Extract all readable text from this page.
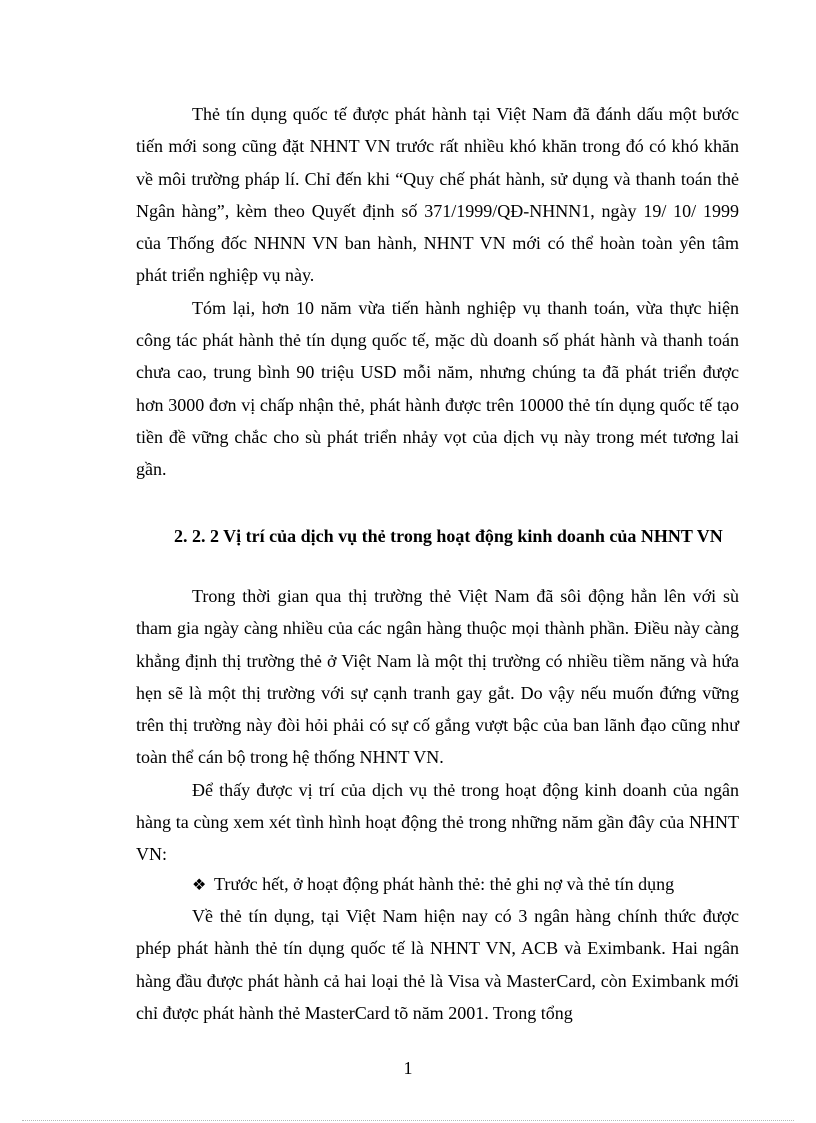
Thẻ tín dụng quốc tế được phát hành tại Việt Nam đã đánh dấu một bước tiến mới song cũng đặt NHNT VN trước rất nhiều khó khăn trong đó có khó khăn về môi trường pháp lí. Chỉ đến khi “Quy chế phát hành, sử dụng và thanh toán thẻ Ngân hàng”, kèm theo Quyết định số 371/1999/QĐ-NHNN1, ngày 19/ 10/ 1999 của Thống đốc NHNN VN ban hành, NHNT VN mới có thể hoàn toàn yên tâm phát triển nghiệp vụ này.

Tóm lại, hơn 10 năm vừa tiến hành nghiệp vụ thanh toán, vừa thực hiện công tác phát hành thẻ tín dụng quốc tế, mặc dù doanh số phát hành và thanh toán chưa cao, trung bình 90 triệu USD mỗi năm, nhưng chúng ta đã phát triển được hơn 3000 đơn vị chấp nhận thẻ, phát hành được trên 10000 thẻ tín dụng quốc tế tạo tiền đề vững chắc cho sù phát triển nhảy vọt của dịch vụ này trong mét tương lai gần.

2. 2. 2 Vị trí của dịch vụ thẻ trong hoạt động kinh doanh của NHNT VN

Trong thời gian qua thị trường thẻ Việt Nam đã sôi động hẳn lên với sù tham gia ngày càng nhiều của các ngân hàng thuộc mọi thành phần. Điều này càng khẳng định thị trường thẻ ở Việt Nam là một thị trường có nhiều tiềm năng và hứa hẹn sẽ là một thị trường với sự cạnh tranh gay gắt. Do vậy nếu muốn đứng vững trên thị trường này đòi hỏi phải có sự cố gắng vượt bậc của ban lãnh đạo cũng như toàn thể cán bộ trong hệ thống NHNT VN.

Để thấy được vị trí của dịch vụ thẻ trong hoạt động kinh doanh của ngân hàng ta cùng xem xét tình hình hoạt động thẻ trong những năm gần đây của NHNT VN:

❖ Trước hết, ở hoạt động phát hành thẻ: thẻ ghi nợ và thẻ tín dụng

Về thẻ tín dụng, tại Việt Nam hiện nay có 3 ngân hàng chính thức được phép phát hành thẻ tín dụng quốc tế là NHNT VN, ACB và Eximbank. Hai ngân hàng đầu được phát hành cả hai loại thẻ là Visa và MasterCard, còn Eximbank mới chỉ được phát hành thẻ MasterCard tõ năm 2001. Trong tổng

1
